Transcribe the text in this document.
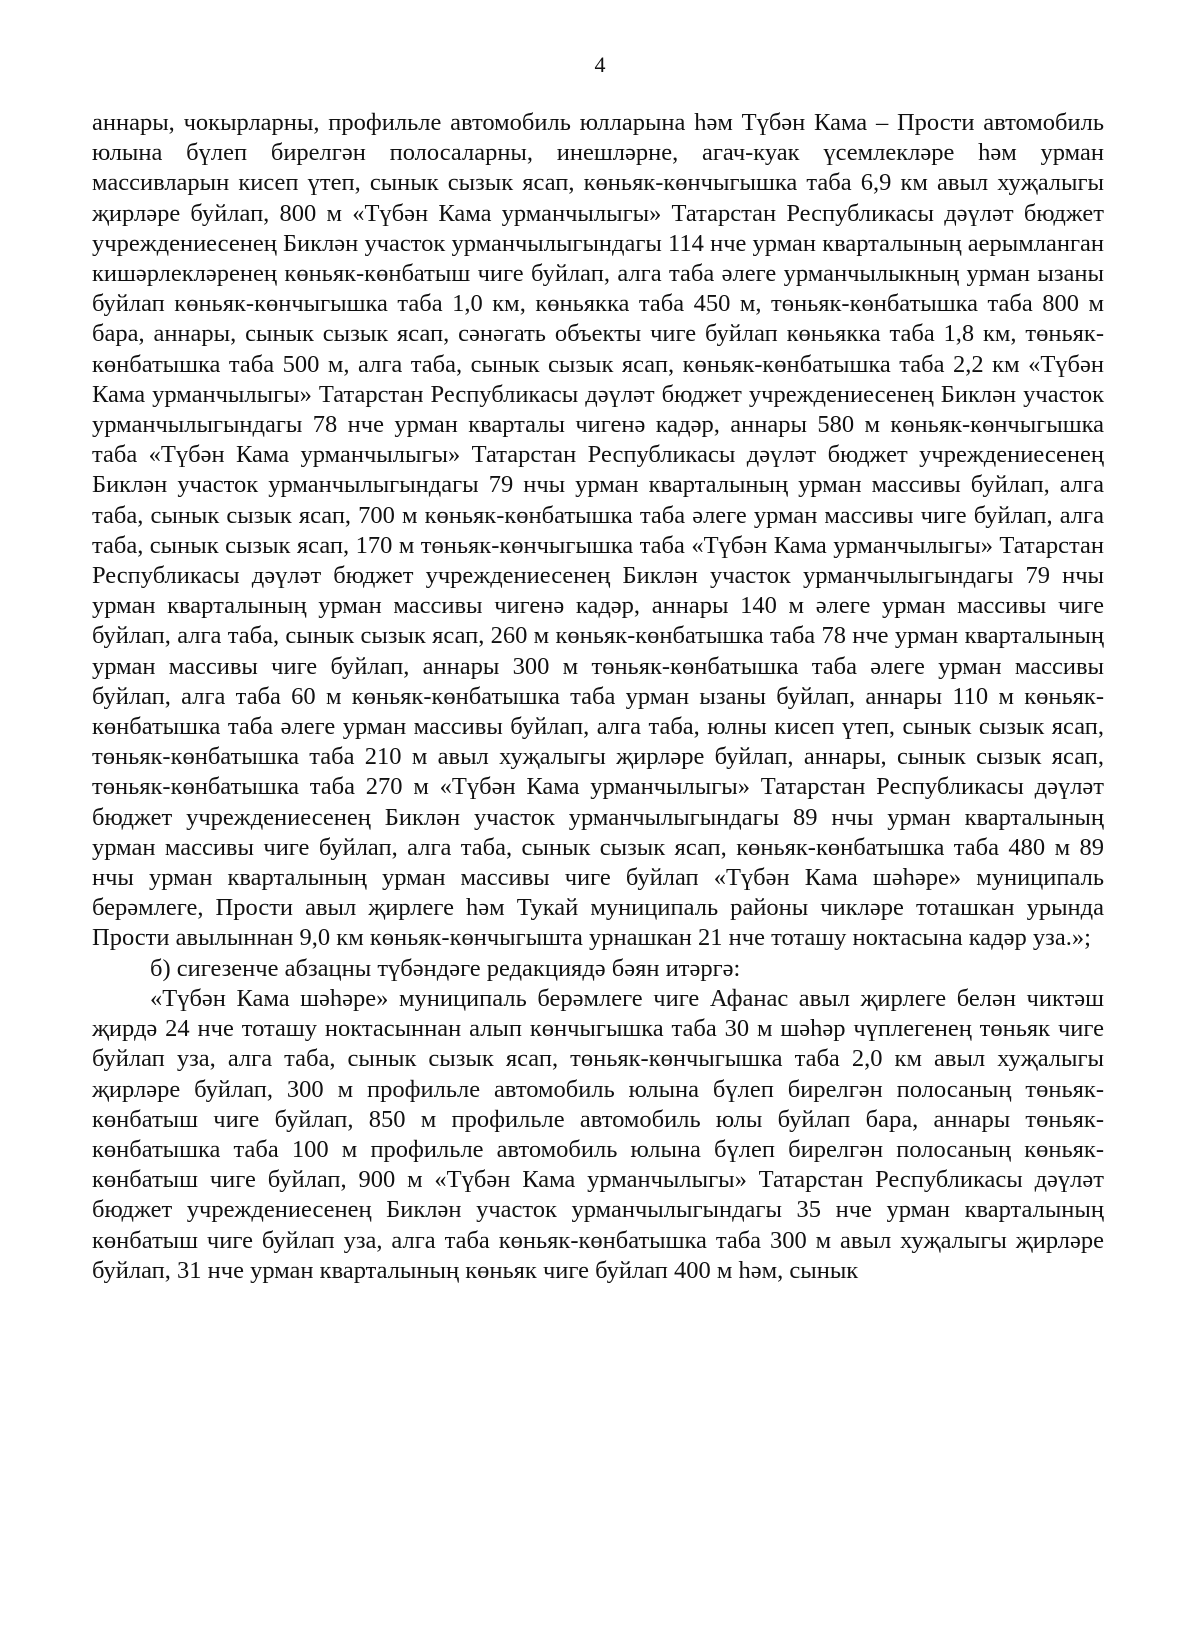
4

аннары, чокырларны, профильле автомобиль юлларына һәм Түбән Кама – Прости автомобиль юлына бүлеп бирелгән полосаларны, инешләрне, агач-куак үсемлекләре һәм урман массивларын кисеп үтеп, сынык сызык ясап, көньяк-көнчыгышка таба 6,9 км авыл хуҗалыгы җирләре буйлап, 800 м «Түбән Кама урманчылыгы» Татарстан Республикасы дәүләт бюджет учреждениесенең Биклән участок урманчылыгындагы 114 нче урман кварталының аерымланган кишәрлекләренең көньяк-көнбатыш чиге буйлап, алга таба әлеге урманчылыкның урман ызаны буйлап көньяк-көнчыгышка таба 1,0 км, көньякка таба 450 м, төньяк-көнбатышка таба 800 м бара, аннары, сынык сызык ясап, сәнәгать объекты чиге буйлап көньякка таба 1,8 км, төньяк-көнбатышка таба 500 м, алга таба, сынык сызык ясап, көньяк-көнбатышка таба 2,2 км «Түбән Кама урманчылыгы» Татарстан Республикасы дәүләт бюджет учреждениесенең Биклән участок урманчылыгындагы 78 нче урман кварталы чигенә кадәр, аннары 580 м көньяк-көнчыгышка таба «Түбән Кама урманчылыгы» Татарстан Республикасы дәүләт бюджет учреждениесенең Биклән участок урманчылыгындагы 79 нчы урман кварталының урман массивы буйлап, алга таба, сынык сызык ясап, 700 м көньяк-көнбатышка таба әлеге урман массивы чиге буйлап, алга таба, сынык сызык ясап, 170 м төньяк-көнчыгышка таба «Түбән Кама урманчылыгы» Татарстан Республикасы дәүләт бюджет учреждениесенең Биклән участок урманчылыгындагы 79 нчы урман кварталының урман массивы чигенә кадәр, аннары 140 м әлеге урман массивы чиге буйлап, алга таба, сынык сызык ясап, 260 м көньяк-көнбатышка таба 78 нче урман кварталының урман массивы чиге буйлап, аннары 300 м төньяк-көнбатышка таба әлеге урман массивы буйлап, алга таба 60 м көньяк-көнбатышка таба урман ызаны буйлап, аннары 110 м көньяк-көнбатышка таба әлеге урман массивы буйлап, алга таба, юлны кисеп үтеп, сынык сызык ясап, төньяк-көнбатышка таба 210 м авыл хуҗалыгы җирләре буйлап, аннары, сынык сызык ясап, төньяк-көнбатышка таба 270 м «Түбән Кама урманчылыгы» Татарстан Республикасы дәүләт бюджет учреждениесенең Биклән участок урманчылыгындагы 89 нчы урман кварталының урман массивы чиге буйлап, алга таба, сынык сызык ясап, көньяк-көнбатышка таба 480 м 89 нчы урман кварталының урман массивы чиге буйлап «Түбән Кама шәһәре» муниципаль берәмлеге, Прости авыл җирлеге һәм Тукай муниципаль районы чикләре тоташкан урында Прости авылыннан 9,0 км көньяк-көнчыгышта урнашкан 21 нче тоташу ноктасына кадәр уза.»;

б) сигезенче абзацны түбәндәге редакциядә бәян итәргә:

«Түбән Кама шәһәре» муниципаль берәмлеге чиге Афанас авыл җирлеге белән чиктәш җирдә 24 нче тоташу ноктасыннан алып көнчыгышка таба 30 м шәһәр чүплегенең төньяк чиге буйлап уза, алга таба, сынык сызык ясап, төньяк-көнчыгышка таба 2,0 км авыл хуҗалыгы җирләре буйлап, 300 м профильле автомобиль юлына бүлеп бирелгән полосаның төньяк-көнбатыш чиге буйлап, 850 м профильле автомобиль юлы буйлап бара, аннары төньяк-көнбатышка таба 100 м профильле автомобиль юлына бүлеп бирелгән полосаның көньяк-көнбатыш чиге буйлап, 900 м «Түбән Кама урманчылыгы» Татарстан Республикасы дәүләт бюджет учреждениесенең Биклән участок урманчылыгындагы 35 нче урман кварталының көнбатыш чиге буйлап уза, алга таба көньяк-көнбатышка таба 300 м авыл хуҗалыгы җирләре буйлап, 31 нче урман кварталының көньяк чиге буйлап 400 м һәм, сынык
